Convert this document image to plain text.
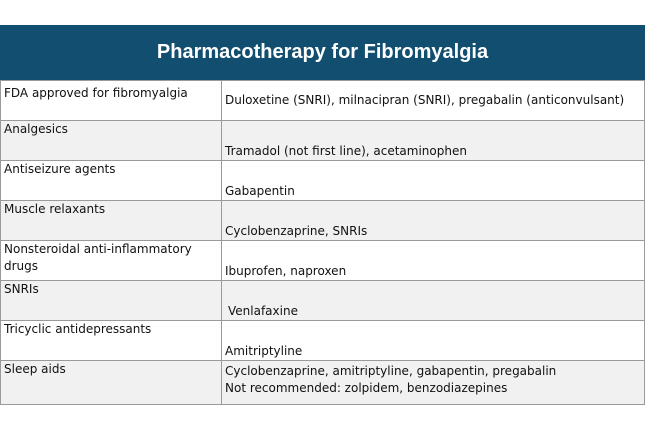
Pharmacotherapy for Fibromyalgia
FDA approved for fibromyalgia	Duloxetine (SNRI), milnacipran (SNRI), pregabalin (anticonvulsant)

Analgesics	Tramadol (not first line), acetaminophen

Antiseizure agents	Gabapentin

Muscle relaxants	Cyclobenzaprine, SNRIs

Nonsteroidal anti-inflammatory drugs	Ibuprofen, naproxen

SNRIs	Venlafaxine

Tricyclic antidepressants	Amitriptyline

Sleep aids	Cyclobenzaprine, amitriptyline, gabapentin, pregabalin
Not recommended: zolpidem, benzodiazepines
